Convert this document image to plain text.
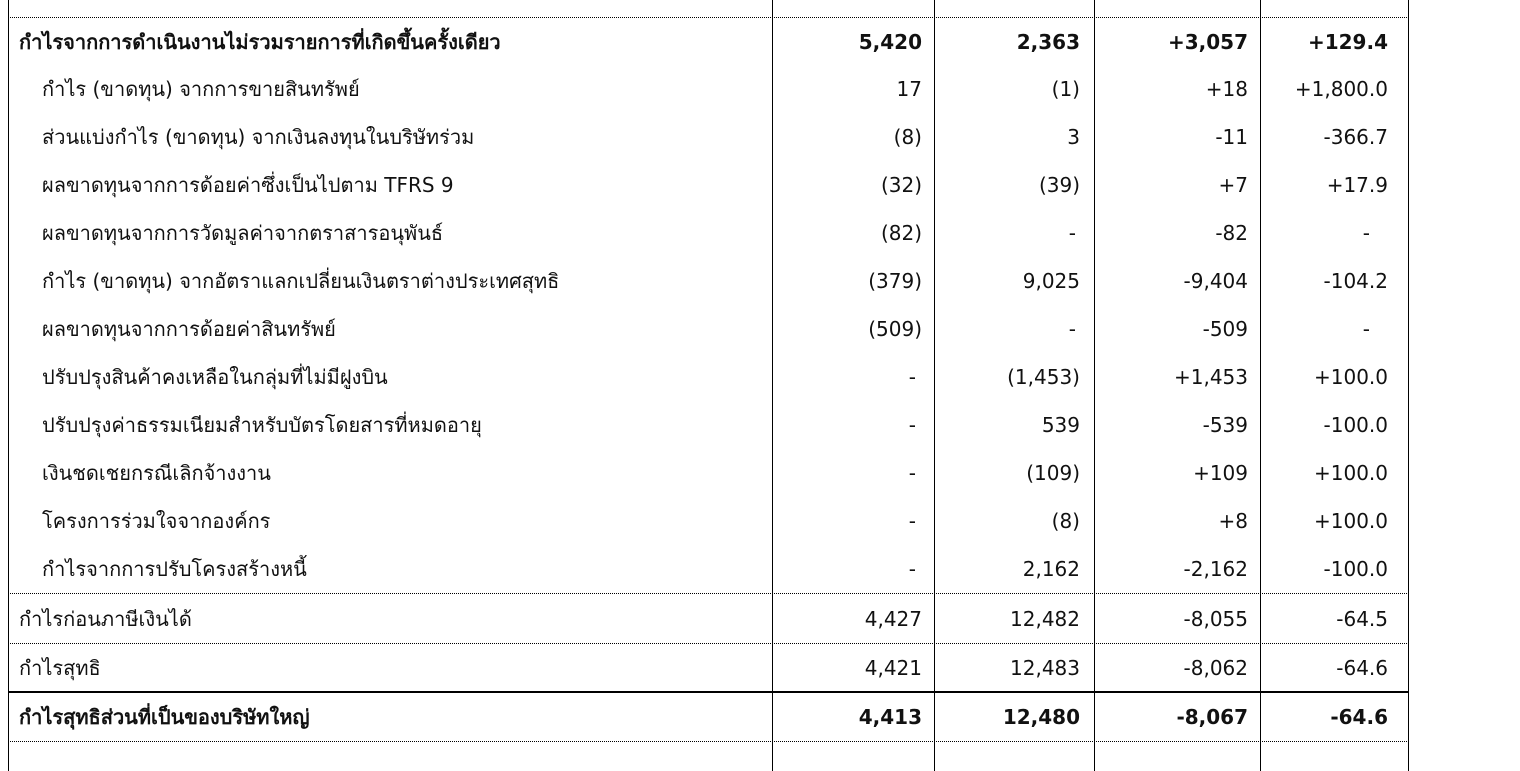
กำไรจากการดำเนินงานไม่รวมรายการที่เกิดขึ้นครั้งเดียว	5,420	2,363	+3,057	+129.4
กำไร (ขาดทุน) จากการขายสินทรัพย์	17	(1)	+18	+1,800.0
ส่วนแบ่งกำไร (ขาดทุน) จากเงินลงทุนในบริษัทร่วม	(8)	3	-11	-366.7
ผลขาดทุนจากการด้อยค่าซึ่งเป็นไปตาม TFRS 9	(32)	(39)	+7	+17.9
ผลขาดทุนจากการวัดมูลค่าจากตราสารอนุพันธ์	(82)	-	-82	-
กำไร (ขาดทุน) จากอัตราแลกเปลี่ยนเงินตราต่างประเทศสุทธิ	(379)	9,025	-9,404	-104.2
ผลขาดทุนจากการด้อยค่าสินทรัพย์	(509)	-	-509	-
ปรับปรุงสินค้าคงเหลือในกลุ่มที่ไม่มีฝูงบิน	-	(1,453)	+1,453	+100.0
ปรับปรุงค่าธรรมเนียมสำหรับบัตรโดยสารที่หมดอายุ	-	539	-539	-100.0
เงินชดเชยกรณีเลิกจ้างงาน	-	(109)	+109	+100.0
โครงการร่วมใจจากองค์กร	-	(8)	+8	+100.0
กำไรจากการปรับโครงสร้างหนี้	-	2,162	-2,162	-100.0
กำไรก่อนภาษีเงินได้	4,427	12,482	-8,055	-64.5
กำไรสุทธิ	4,421	12,483	-8,062	-64.6
กำไรสุทธิส่วนที่เป็นของบริษัทใหญ่	4,413	12,480	-8,067	-64.6
